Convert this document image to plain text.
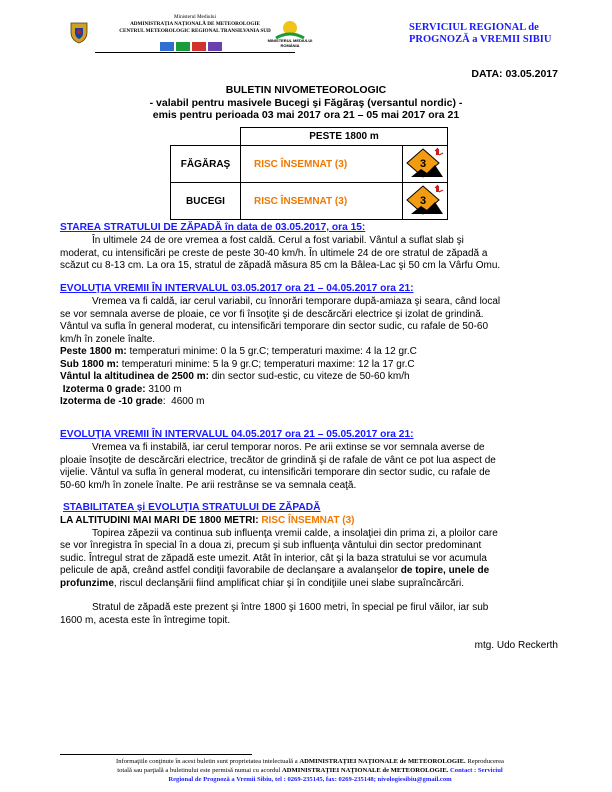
Ministerul Mediului
ADMINISTRAȚIA NAȚIONALĂ DE METEOROLOGIE
CENTRUL METEOROLOGIC REGIONAL TRANSILVANIA SUD
MINISTERUL MEDIULUI ROMÂNIA
SERVICIUL REGIONAL de
PROGNOZĂ a VREMII SIBIU
DATA: 03.05.2017
BULETIN NIVOMETEOROLOGIC
- valabil pentru masivele Bucegi şi Făgăraş (versantul nordic) -
emis pentru perioada 03 mai 2017 ora 21 – 05 mai 2017 ora 21
	PESTE 1800 m	
FĂGĂRAŞ	RISC ÎNSEMNAT (3)	3

BUCEGI	RISC ÎNSEMNAT (3)	3
STAREA STRATULUI DE ZĂPADĂ în data de 03.05.2017, ora 15:

În ultimele 24 de ore vremea a fost caldă. Cerul a fost variabil. Vântul a suflat slab şi

moderat, cu intensificări pe creste de peste 30-40 km/h. În ultimele 24 de ore stratul de zăpadă a

scăzut cu 8-13 cm. La ora 15, stratul de zăpadă măsura 85 cm la Bâlea-Lac şi 50 cm la Vârfu Omu.

EVOLUŢIA VREMII ÎN INTERVALUL 03.05.2017 ora 21 – 04.05.2017 ora 21:

Vremea va fi caldă, iar cerul variabil, cu înnorări temporare după-amiaza şi seara, când local

se vor semnala averse de ploaie, ce vor fi însoţite şi de descărcări electrice şi izolat de grindină.

Vântul va sufla în general moderat, cu intensificări temporare din sector sudic, cu rafale de 50-60

km/h în zonele înalte.

Peste 1800 m: temperaturi minime: 0 la 5 gr.C; temperaturi maxime: 4 la 12 gr.C

Sub 1800 m: temperaturi minime: 5 la 9 gr.C; temperaturi maxime: 12 la 17 gr.C

Vântul la altitudinea de 2500 m: din sector sud-estic, cu viteze de 50-60 km/h

Izoterma 0 grade: 3100 m

Izoterma de -10 grade:  4600 m

EVOLUŢIA VREMII ÎN INTERVALUL 04.05.2017 ora 21 – 05.05.2017 ora 21:

Vremea va fi instabilă, iar cerul temporar noros. Pe arii extinse se vor semnala averse de

ploaie însoţite de descărcări electrice, trecător de grindină şi de rafale de vânt ce pot lua aspect de

vijelie. Vântul va sufla în general moderat, cu intensificări temporare din sector sudic, cu rafale de

50-60 km/h în zonele înalte. Pe arii restrânse se va semnala ceaţă.

STABILITATEA şi EVOLUŢIA STRATULUI DE ZĂPADĂ

LA ALTITUDINI MAI MARI DE 1800 METRI: RISC ÎNSEMNAT (3)

Topirea zăpezii va continua sub influenţa vremii calde, a insolaţiei din prima zi, a ploilor care

se vor înregistra în special în a doua zi, precum şi sub influenţa vântului din sector predominant

sudic. Întregul strat de zăpadă este umezit. Atât în interior, cât şi la baza stratului se vor acumula

pelicule de apă, creând astfel condiţii favorabile de declanşare a avalanşelor de topire, unele de

profunzime, riscul declanşării fiind amplificat chiar şi în condiţiile unei slabe supraîncărcări.

Stratul de zăpadă este prezent şi între 1800 şi 1600 metri, în special pe firul văilor, iar sub

1600 m, acesta este în întregime topit.

mtg. Udo Reckerth
Informaţiile conţinute în acest buletin sunt proprietatea intelectuală a ADMINISTRAŢIEI NAŢIONALE de METEOROLOGIE. Reproducerea
totală sau parţială a buletinului este permisă numai cu acordul ADMINISTRAŢIEI NAŢIONALE de METEOROLOGIE. Contact : Serviciul
Regional de Prognoză a Vremii Sibiu, tel : 0269-235145, fax: 0269-235148; nivologiesibiu@gmail.com
